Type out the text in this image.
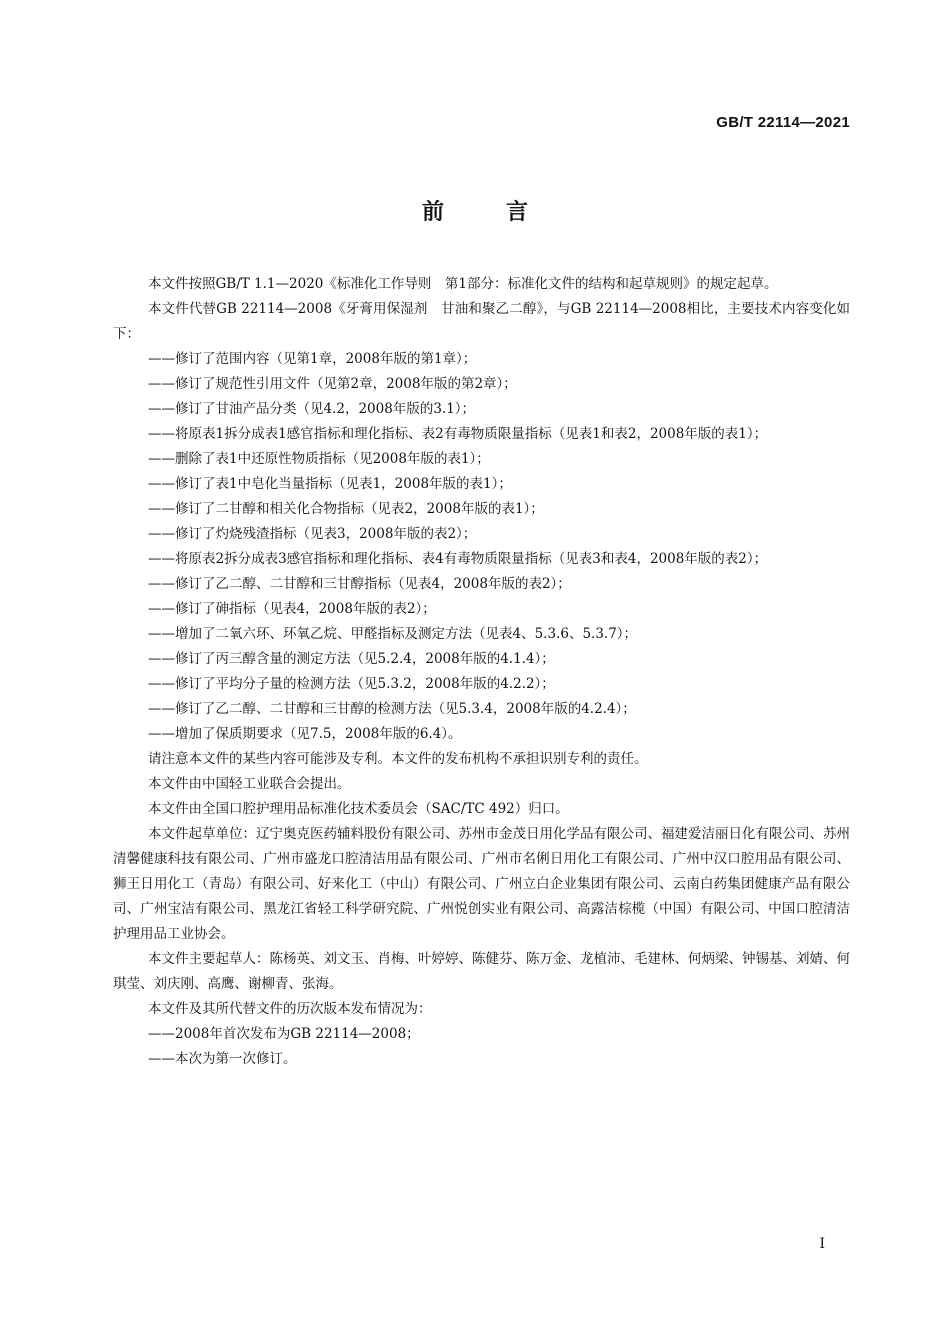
GB/T 22114—2021
前言

本文件按照GB/T 1.1—2020《标准化工作导则　第1部分：标准化文件的结构和起草规则》的规定起草。

本文件代替GB 22114—2008《牙膏用保湿剂　甘油和聚乙二醇》，与GB 22114—2008相比，主要技术内容变化如下：

——修订了范围内容（见第1章，2008年版的第1章）；

——修订了规范性引用文件（见第2章，2008年版的第2章）；

——修订了甘油产品分类（见4.2，2008年版的3.1）；

——将原表1拆分成表1感官指标和理化指标、表2有毒物质限量指标（见表1和表2，2008年版的表1）；

——删除了表1中还原性物质指标（见2008年版的表1）；

——修订了表1中皂化当量指标（见表1，2008年版的表1）；

——修订了二甘醇和相关化合物指标（见表2，2008年版的表1）；

——修订了灼烧残渣指标（见表3，2008年版的表2）；

——将原表2拆分成表3感官指标和理化指标、表4有毒物质限量指标（见表3和表4，2008年版的表2）；

——修订了乙二醇、二甘醇和三甘醇指标（见表4，2008年版的表2）；

——修订了砷指标（见表4，2008年版的表2）；

——增加了二氧六环、环氧乙烷、甲醛指标及测定方法（见表4、5.3.6、5.3.7）；

——修订了丙三醇含量的测定方法（见5.2.4，2008年版的4.1.4）；

——修订了平均分子量的检测方法（见5.3.2，2008年版的4.2.2）；

——修订了乙二醇、二甘醇和三甘醇的检测方法（见5.3.4，2008年版的4.2.4）；

——增加了保质期要求（见7.5，2008年版的6.4）。

请注意本文件的某些内容可能涉及专利。本文件的发布机构不承担识别专利的责任。

本文件由中国轻工业联合会提出。

本文件由全国口腔护理用品标准化技术委员会（SAC/TC 492）归口。

本文件起草单位：辽宁奥克医药辅料股份有限公司、苏州市金茂日用化学品有限公司、福建爱洁丽日化有限公司、苏州清馨健康科技有限公司、广州市盛龙口腔清洁用品有限公司、广州市名俐日用化工有限公司、广州中汉口腔用品有限公司、狮王日用化工（青岛）有限公司、好来化工（中山）有限公司、广州立白企业集团有限公司、云南白药集团健康产品有限公司、广州宝洁有限公司、黑龙江省轻工科学研究院、广州悦创实业有限公司、高露洁棕榄（中国）有限公司、中国口腔清洁护理用品工业协会。

本文件主要起草人：陈杨英、刘文玉、肖梅、叶婷婷、陈健芬、陈万金、龙植沛、毛建林、何炳梁、钟锡基、刘婧、何琪莹、刘庆刚、高鹰、谢柳青、张海。

本文件及其所代替文件的历次版本发布情况为：

——2008年首次发布为GB 22114—2008；

——本次为第一次修订。

Ⅰ
